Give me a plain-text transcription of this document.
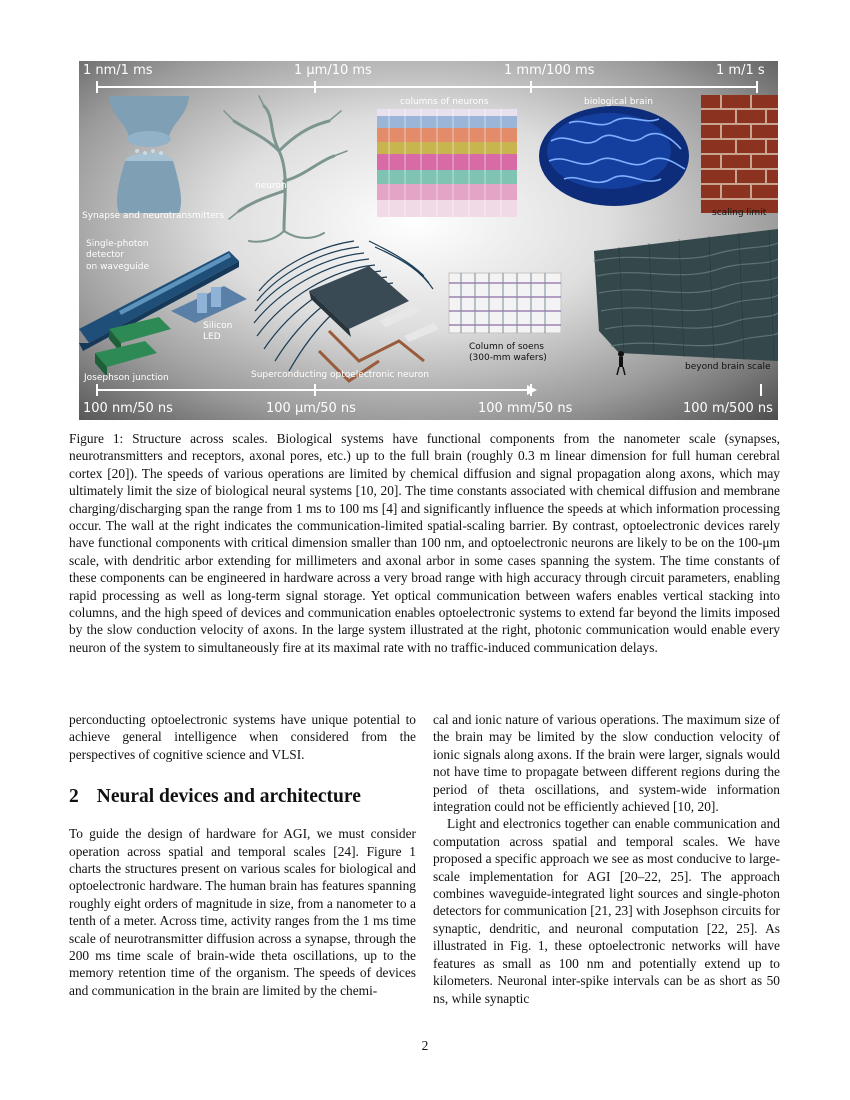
1 nm/1 ms	1 μm/10 ms	1 mm/100 ms	1 m/1 s
100 nm/50 ns	100 μm/50 ns	100 mm/50 ns	100 m/500 ns
Synapse and neurotransmitters
neuron
columns of neurons	biological brain
scaling limit
Single-photon
detector
on waveguide
Silicon
LED
Josephson junction	Superconducting optoelectronic neuron
Column of soens
(300-mm wafers)
beyond brain scale
Figure 1: Structure across scales. Biological systems have functional components from the nanometer scale (synapses, neurotransmitters and receptors, axonal pores, etc.) up to the full brain (roughly 0.3 m linear dimension for full human cerebral cortex [20]). The speeds of various operations are limited by chemical diffusion and signal propagation along axons, which may ultimately limit the size of biological neural systems [10, 20]. The time constants associated with chemical diffusion and membrane charging/discharging span the range from 1 ms to 100 ms [4] and significantly influence the speeds at which information processing occur. The wall at the right indicates the communication-limited spatial-scaling barrier. By contrast, optoelectronic devices rarely have functional components with critical dimension smaller than 100 nm, and optoelectronic neurons are likely to be on the 100-μm scale, with dendritic arbor extending for millimeters and axonal arbor in some cases spanning the system. The time constants of these components can be engineered in hardware across a very broad range with high accuracy through circuit parameters, enabling rapid processing as well as long-term signal storage. Yet optical communication between wafers enables vertical stacking into columns, and the high speed of devices and communication enables optoelectronic systems to extend far beyond the limits imposed by the slow conduction velocity of axons. In the large system illustrated at the right, photonic communication would enable every neuron of the system to simultaneously fire at its maximal rate with no traffic-induced communication delays.

perconducting optoelectronic systems have unique potential to achieve general intelligence when considered from the perspectives of cognitive science and VLSI.

2 Neural devices and architecture

To guide the design of hardware for AGI, we must consider operation across spatial and temporal scales [24]. Figure 1 charts the structures present on various scales for biological and optoelectronic hardware. The human brain has features spanning roughly eight orders of magnitude in size, from a nanometer to a tenth of a meter. Across time, activity ranges from the 1 ms time scale of neurotransmitter diffusion across a synapse, through the 200 ms time scale of brain-wide theta oscillations, up to the memory retention time of the organism. The speeds of devices and communication in the brain are limited by the chemi-

cal and ionic nature of various operations. The maximum size of the brain may be limited by the slow conduction velocity of ionic signals along axons. If the brain were larger, signals would not have time to propagate between different regions during the period of theta oscillations, and system-wide information integration could not be efficiently achieved [10, 20].

Light and electronics together can enable communication and computation across spatial and temporal scales. We have proposed a specific approach we see as most conducive to large-scale implementation for AGI [20–22, 25]. The approach combines waveguide-integrated light sources and single-photon detectors for communication [21, 23] with Josephson circuits for synaptic, dendritic, and neuronal computation [22, 25]. As illustrated in Fig. 1, these optoelectronic networks will have features as small as 100 nm and potentially extend up to kilometers. Neuronal inter-spike intervals can be as short as 50 ns, while synaptic

2
